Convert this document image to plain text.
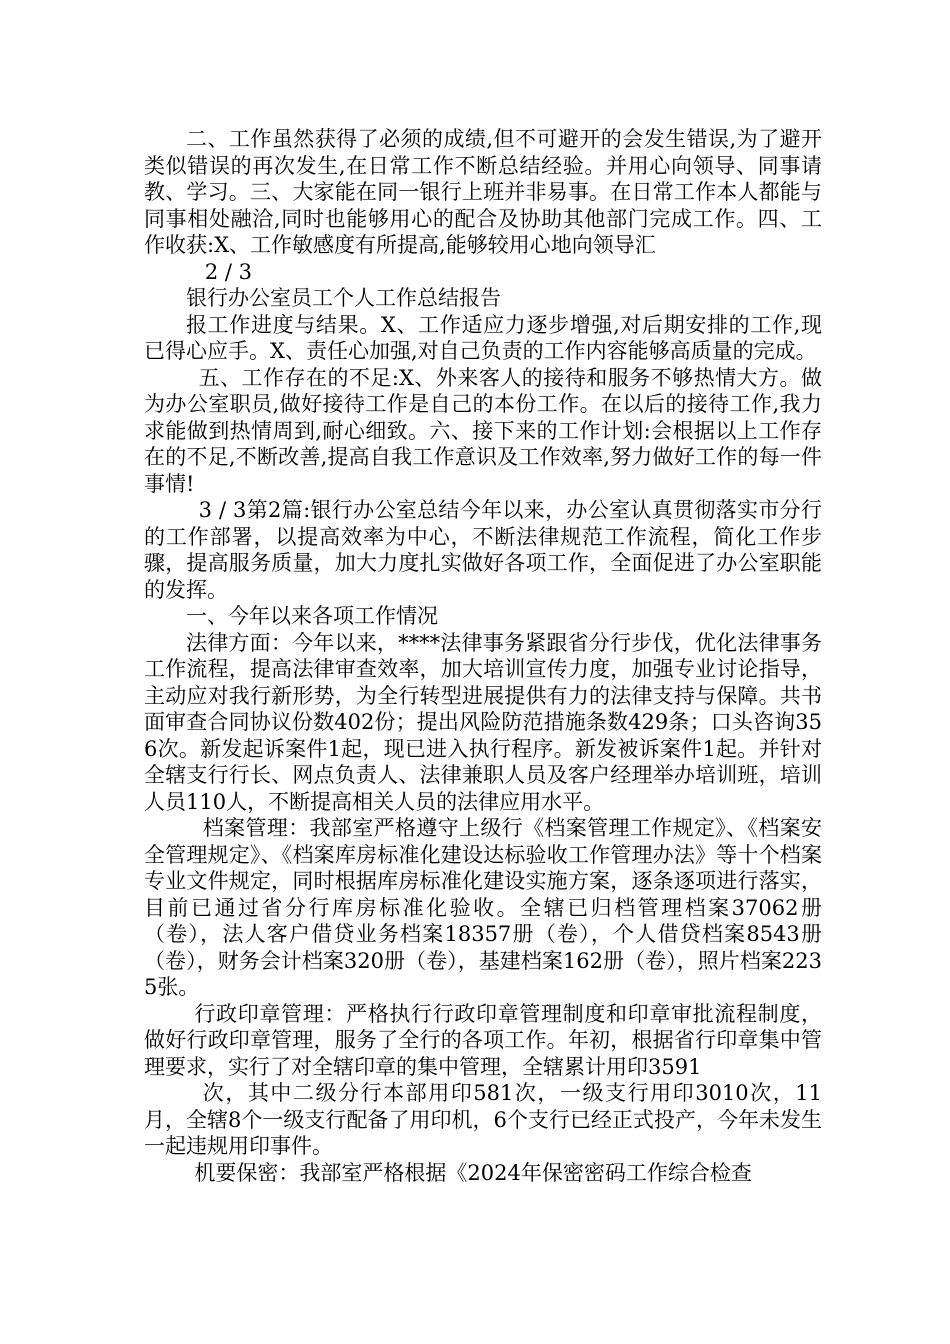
二、工作虽然获得了必须的成绩,但不可避开的会发生错误,为了避开类似错误的再次发生,在日常工作不断总结经验。并用心向领导、同事请教、学习。三、大家能在同一银行上班并非易事。在日常工作本人都能与同事相处融洽,同时也能够用心的配合及协助其他部门完成工作。四、工作收获:X、工作敏感度有所提高,能够较用心地向领导汇

2 / 3

银行办公室员工个人工作总结报告

报工作进度与结果。X、工作适应力逐步增强,对后期安排的工作,现已得心应手。X、责任心加强,对自己负责的工作内容能够高质量的完成。

五、工作存在的不足:X、外来客人的接待和服务不够热情大方。做为办公室职员,做好接待工作是自己的本份工作。在以后的接待工作,我力求能做到热情周到,耐心细致。六、接下来的工作计划:会根据以上工作存在的不足,不断改善,提高自我工作意识及工作效率,努力做好工作的每一件事情!

3 / 3第2篇:银行办公室总结今年以来，办公室认真贯彻落实市分行的工作部署，以提高效率为中心，不断法律规范工作流程，简化工作步骤，提高服务质量，加大力度扎实做好各项工作，全面促进了办公室职能的发挥。

一、今年以来各项工作情况

法律方面：今年以来，****法律事务紧跟省分行步伐，优化法律事务工作流程，提高法律审查效率，加大培训宣传力度，加强专业讨论指导，主动应对我行新形势，为全行转型进展提供有力的法律支持与保障。共书面审查合同协议份数402份；提出风险防范措施条数429条；口头咨询356次。新发起诉案件1起，现已进入执行程序。新发被诉案件1起。并针对全辖支行行长、网点负责人、法律兼职人员及客户经理举办培训班，培训人员110人，不断提高相关人员的法律应用水平。

档案管理：我部室严格遵守上级行《档案管理工作规定》、《档案安全管理规定》、《档案库房标准化建设达标验收工作管理办法》等十个档案专业文件规定，同时根据库房标准化建设实施方案，逐条逐项进行落实，目前已通过省分行库房标准化验收。全辖已归档管理档案37062册（卷），法人客户借贷业务档案18357册（卷），个人借贷档案8543册（卷），财务会计档案320册（卷），基建档案162册（卷），照片档案2235张。

行政印章管理：严格执行行政印章管理制度和印章审批流程制度，做好行政印章管理，服务了全行的各项工作。年初，根据省行印章集中管理要求，实行了对全辖印章的集中管理，全辖累计用印3591

次，其中二级分行本部用印581次，一级支行用印3010次，11月，全辖8个一级支行配备了用印机，6个支行已经正式投产，今年未发生一起违规用印事件。

机要保密：我部室严格根据《2024年保密密码工作综合检查
